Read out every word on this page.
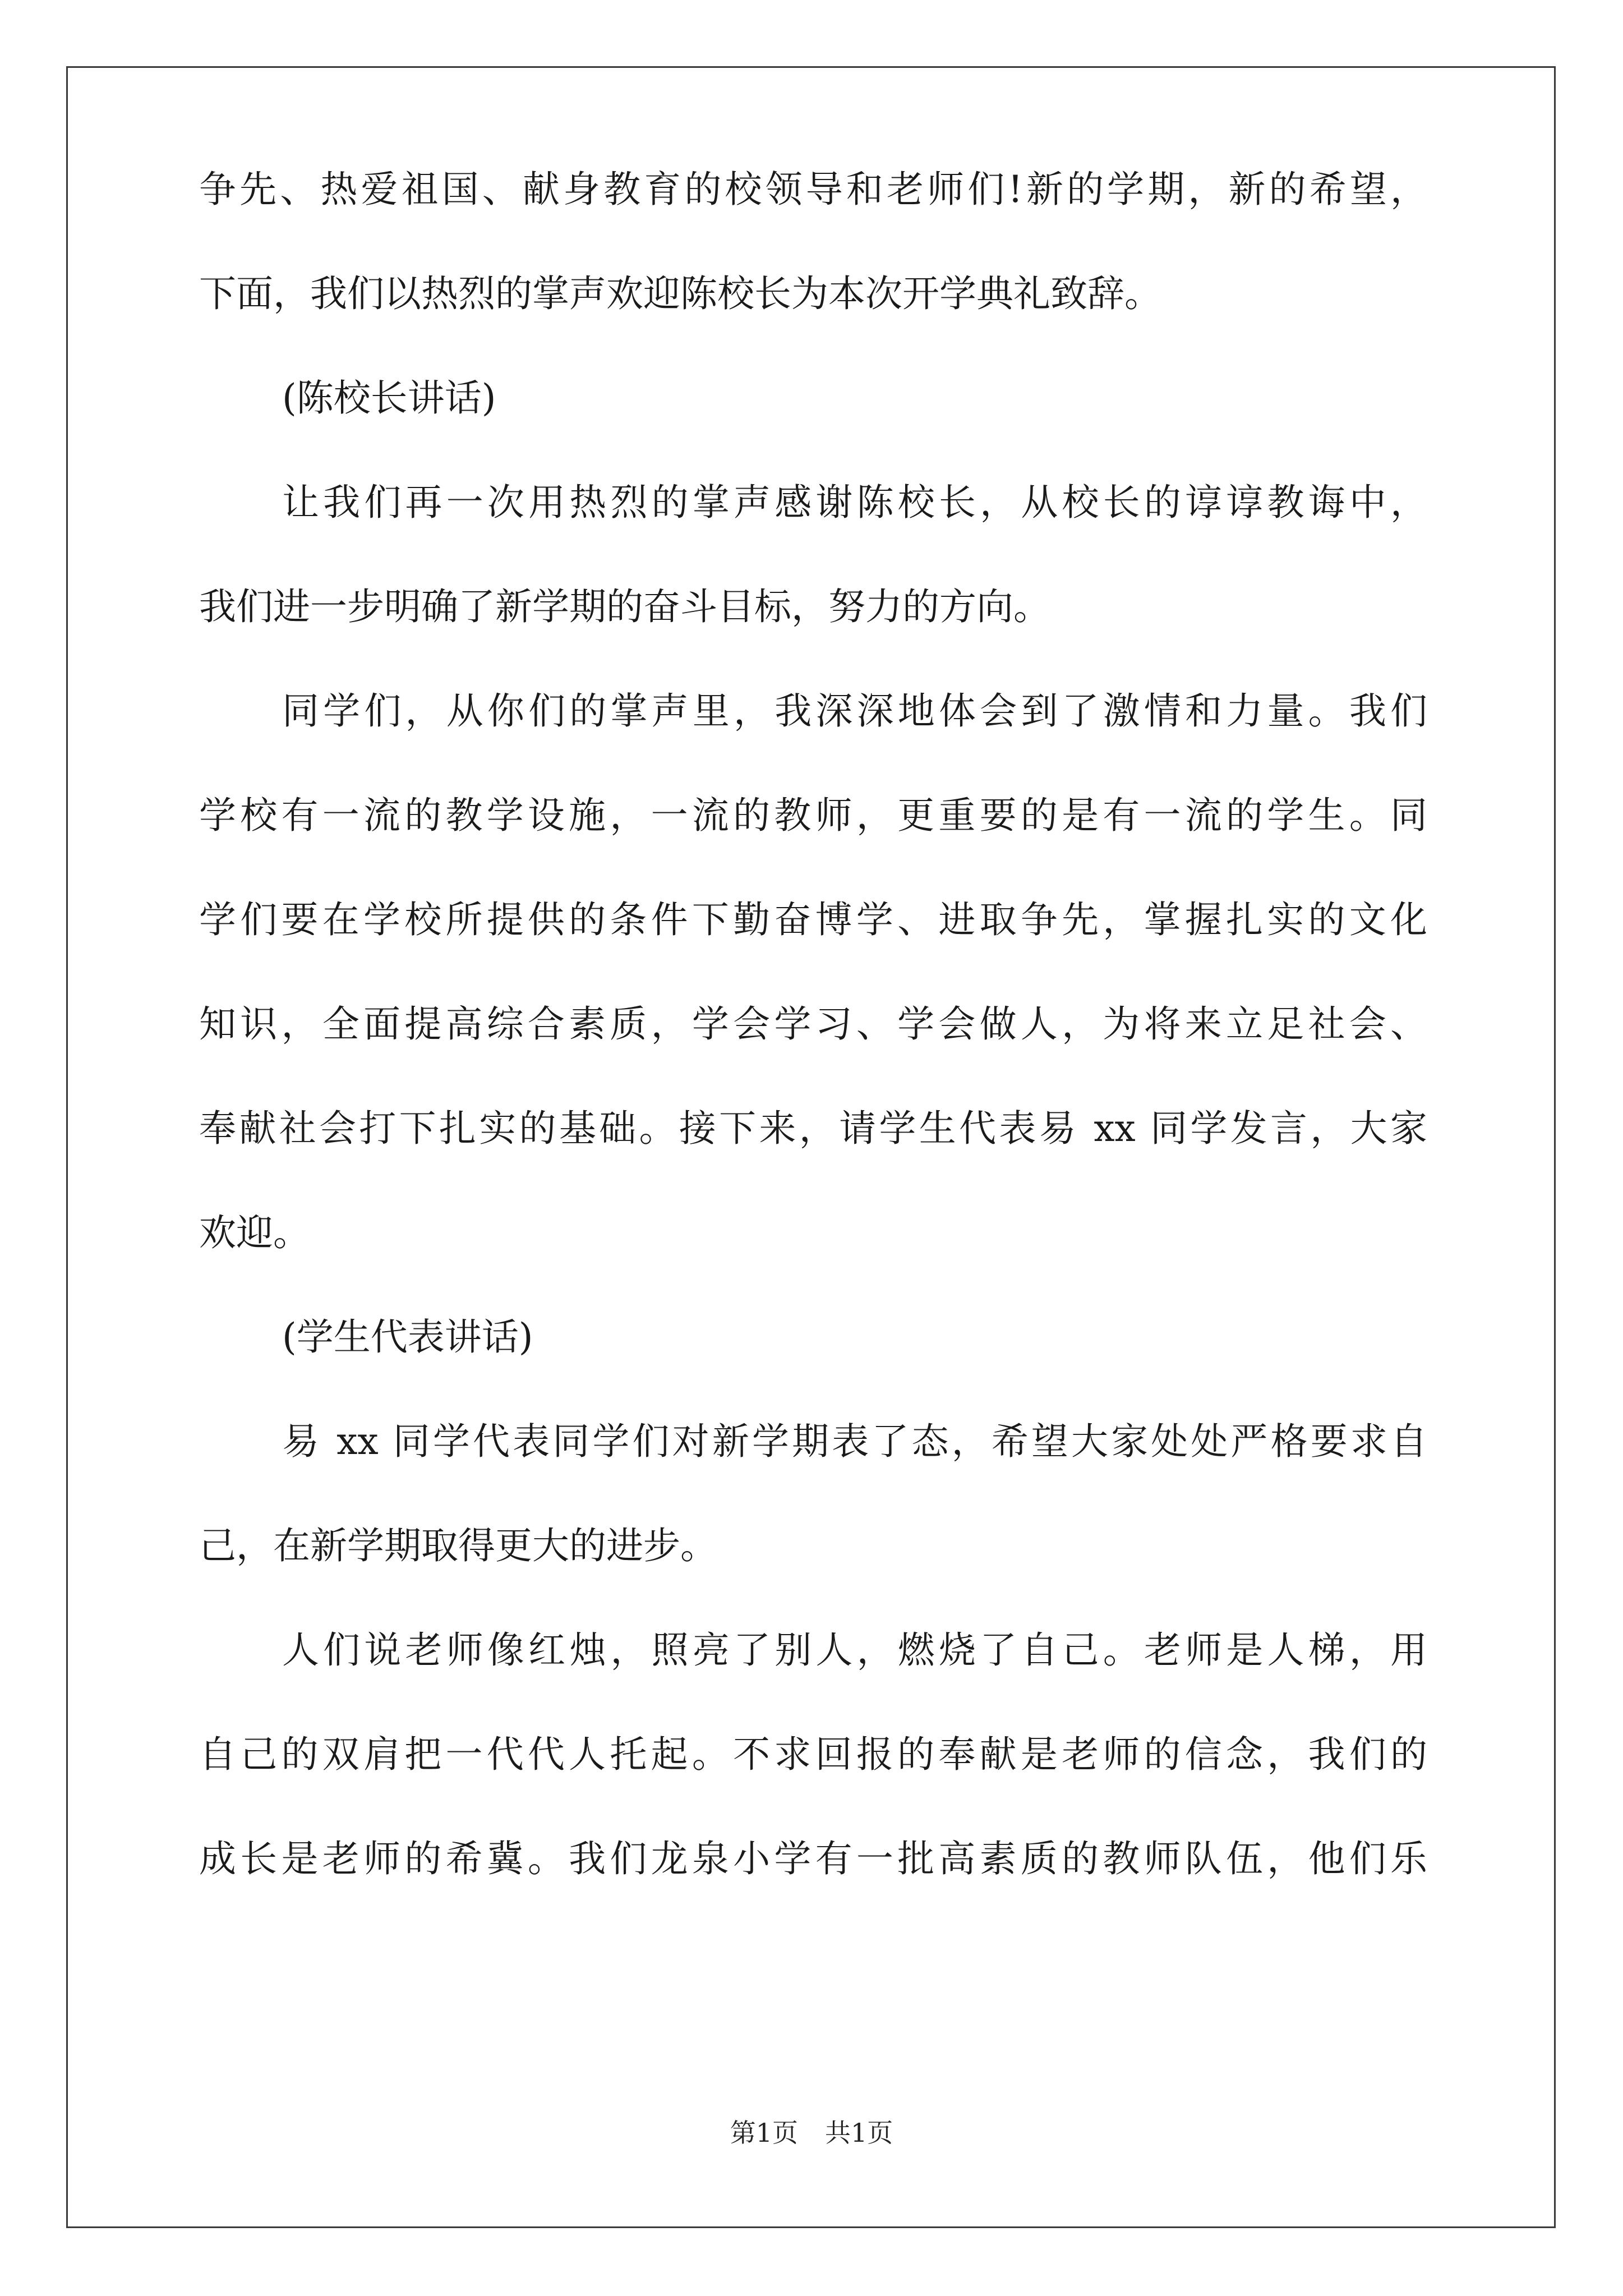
争先、热爱祖国、献身教育的校领导和老师们!新的学期，新的希望，
下面，我们以热烈的掌声欢迎陈校长为本次开学典礼致辞。
(陈校长讲话)
让我们再一次用热烈的掌声感谢陈校长，从校长的谆谆教诲中，
我们进一步明确了新学期的奋斗目标，努力的方向。
同学们，从你们的掌声里，我深深地体会到了激情和力量。我们
学校有一流的教学设施，一流的教师，更重要的是有一流的学生。同
学们要在学校所提供的条件下勤奋博学、进取争先，掌握扎实的文化
知识，全面提高综合素质，学会学习、学会做人，为将来立足社会、
奉献社会打下扎实的基础。接下来，请学生代表易 xx 同学发言，大家
欢迎。
(学生代表讲话)
易 xx 同学代表同学们对新学期表了态，希望大家处处严格要求自
己，在新学期取得更大的进步。
人们说老师像红烛，照亮了别人，燃烧了自己。老师是人梯，用
自己的双肩把一代代人托起。不求回报的奉献是老师的信念，我们的
成长是老师的希冀。我们龙泉小学有一批高素质的教师队伍，他们乐
第1页 共1页
